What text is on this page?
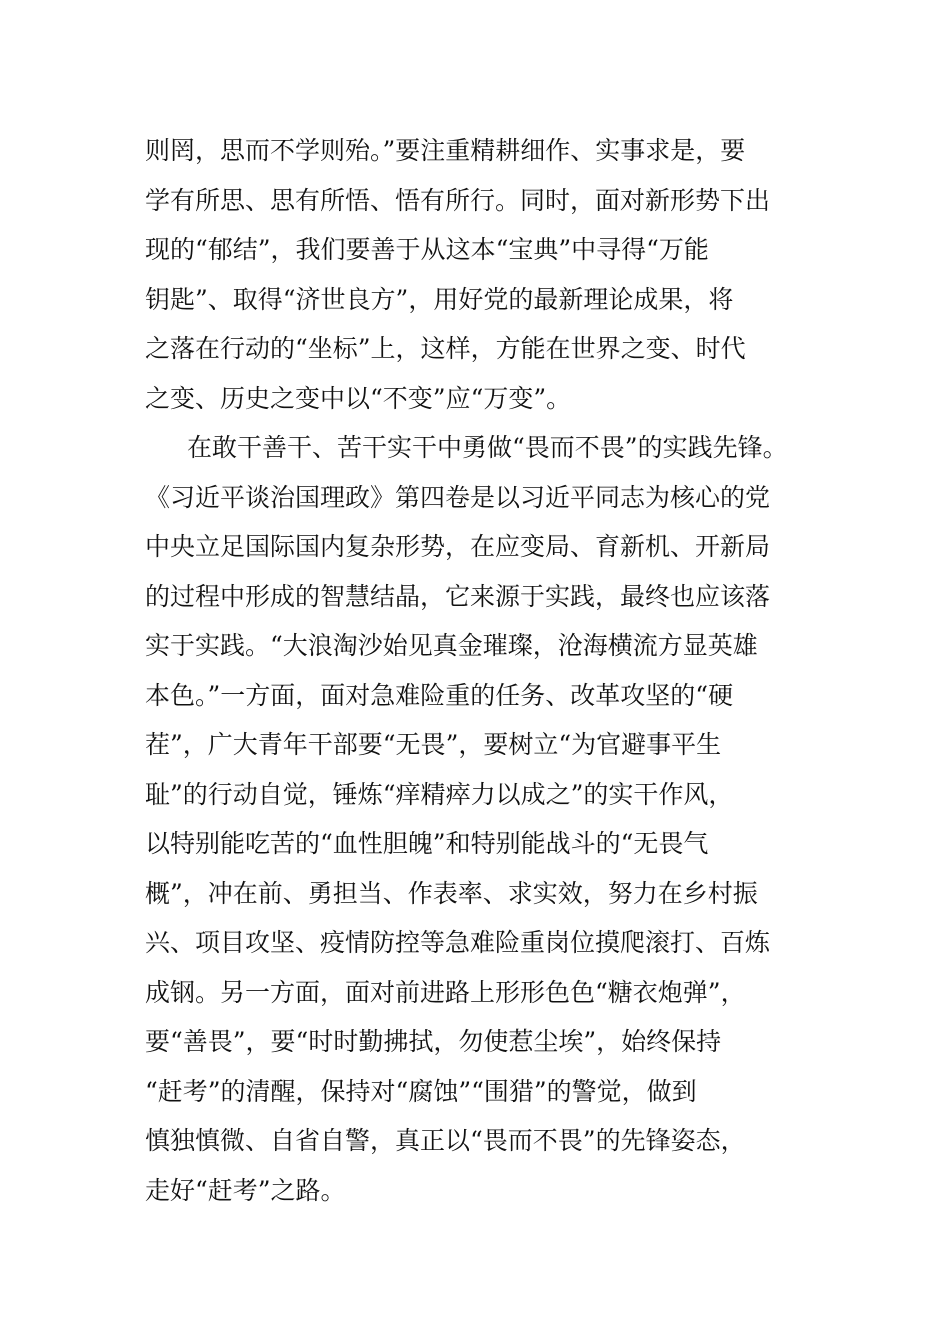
则罔，思而不学则殆。”要注重精耕细作、实事求是，要
学有所思、思有所悟、悟有所行。同时，面对新形势下出
现的“郁结”，我们要善于从这本“宝典”中寻得“万能
钥匙”、取得“济世良方”，用好党的最新理论成果，将
之落在行动的“坐标”上，这样，方能在世界之变、时代
之变、历史之变中以“不变”应“万变”。
在敢干善干、苦干实干中勇做“畏而不畏”的实践先锋。
《习近平谈治国理政》第四卷是以习近平同志为核心的党
中央立足国际国内复杂形势，在应变局、育新机、开新局
的过程中形成的智慧结晶，它来源于实践，最终也应该落
实于实践。“大浪淘沙始见真金璀璨，沧海横流方显英雄
本色。”一方面，面对急难险重的任务、改革攻坚的“硬
茬”，广大青年干部要“无畏”，要树立“为官避事平生
耻”的行动自觉，锤炼“痒精瘁力以成之”的实干作风，
以特别能吃苦的“血性胆魄”和特别能战斗的“无畏气
概”，冲在前、勇担当、作表率、求实效，努力在乡村振
兴、项目攻坚、疫情防控等急难险重岗位摸爬滚打、百炼
成钢。另一方面，面对前进路上形形色色“糖衣炮弹”，
要“善畏”，要“时时勤拂拭，勿使惹尘埃”，始终保持
“赶考”的清醒，保持对“腐蚀”“围猎”的警觉，做到
慎独慎微、自省自警，真正以“畏而不畏”的先锋姿态，
走好“赶考”之路。
